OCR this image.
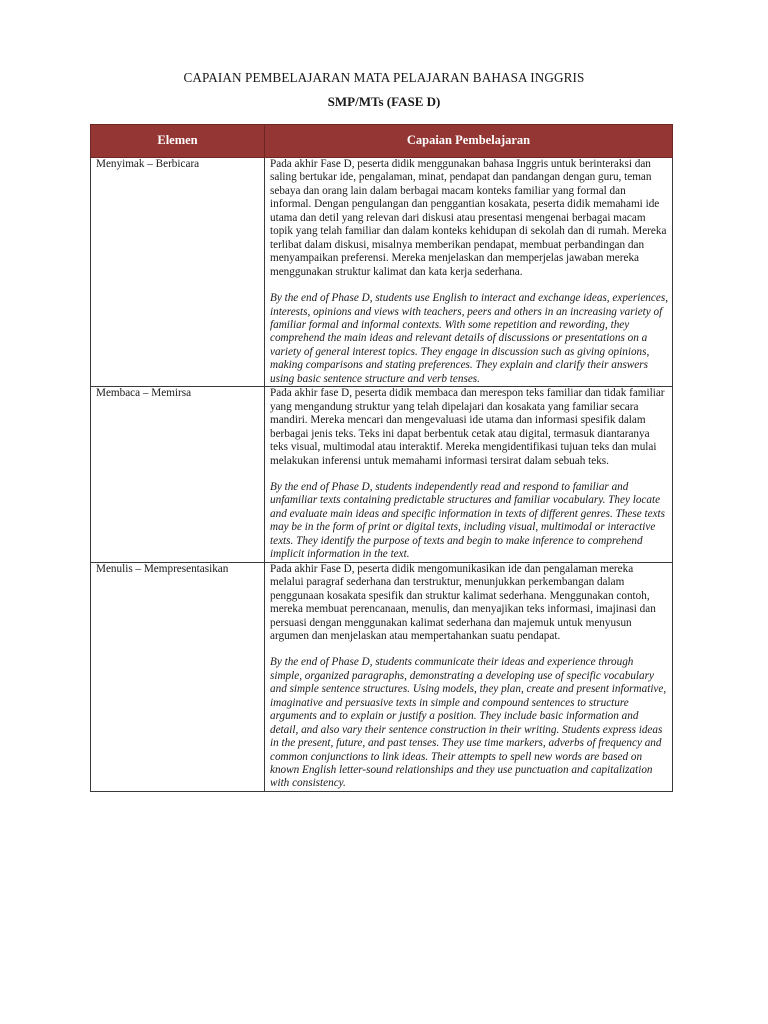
CAPAIAN PEMBELAJARAN MATA PELAJARAN BAHASA INGGRIS
SMP/MTs (FASE D)
Elemen	Capaian Pembelajaran
Menyimak – Berbicara	Pada akhir Fase D, peserta didik menggunakan bahasa Inggris untuk berinteraksi dan saling bertukar ide, pengalaman, minat, pendapat dan pandangan dengan guru, teman sebaya dan orang lain dalam berbagai macam konteks familiar yang formal dan informal. Dengan pengulangan dan penggantian kosakata, peserta didik memahami ide utama dan detil yang relevan dari diskusi atau presentasi mengenai berbagai macam topik yang telah familiar dan dalam konteks kehidupan di sekolah dan di rumah. Mereka terlibat dalam diskusi, misalnya memberikan pendapat, membuat perbandingan dan menyampaikan preferensi. Mereka menjelaskan dan memperjelas jawaban mereka menggunakan struktur kalimat dan kata kerja sederhana.

By the end of Phase D, students use English to interact and exchange ideas, experiences, interests, opinions and views with teachers, peers and others in an increasing variety of familiar formal and informal contexts. With some repetition and rewording, they comprehend the main ideas and relevant details of discussions or presentations on a variety of general interest topics. They engage in discussion such as giving opinions, making comparisons and stating preferences. They explain and clarify their answers using basic sentence structure and verb tenses.

Membaca – Memirsa	Pada akhir fase D, peserta didik membaca dan merespon teks familiar dan tidak familiar yang mengandung struktur yang telah dipelajari dan kosakata yang familiar secara mandiri. Mereka mencari dan mengevaluasi ide utama dan informasi spesifik dalam berbagai jenis teks. Teks ini dapat berbentuk cetak atau digital, termasuk diantaranya teks visual, multimodal atau interaktif. Mereka mengidentifikasi tujuan teks dan mulai melakukan inferensi untuk memahami informasi tersirat dalam sebuah teks.

By the end of Phase D, students independently read and respond to familiar and unfamiliar texts containing predictable structures and familiar vocabulary. They locate and evaluate main ideas and specific information in texts of different genres. These texts may be in the form of print or digital texts, including visual, multimodal or interactive texts. They identify the purpose of texts and begin to make inference to comprehend implicit information in the text.

Menulis – Mempresentasikan	Pada akhir Fase D, peserta didik mengomunikasikan ide dan pengalaman mereka melalui paragraf sederhana dan terstruktur, menunjukkan perkembangan dalam penggunaan kosakata spesifik dan struktur kalimat sederhana. Menggunakan contoh, mereka membuat perencanaan, menulis, dan menyajikan teks informasi, imajinasi dan persuasi dengan menggunakan kalimat sederhana dan majemuk untuk menyusun argumen dan menjelaskan atau mempertahankan suatu pendapat.

By the end of Phase D, students communicate their ideas and experience through simple, organized paragraphs, demonstrating a developing use of specific vocabulary and simple sentence structures. Using models, they plan, create and present informative, imaginative and persuasive texts in simple and compound sentences to structure arguments and to explain or justify a position. They include basic information and detail, and also vary their sentence construction in their writing. Students express ideas in the present, future, and past tenses. They use time markers, adverbs of frequency and common conjunctions to link ideas. Their attempts to spell new words are based on known English letter-sound relationships and they use punctuation and capitalization with consistency.
